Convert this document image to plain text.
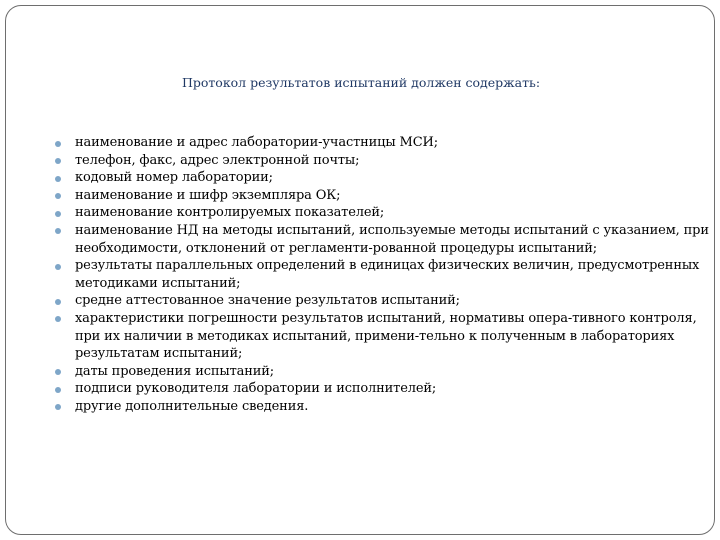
Протокол результатов испытаний должен содержать:
наименование и адрес лаборатории-участницы МСИ;
телефон, факс, адрес электронной почты;
кодовый номер лаборатории;
наименование и шифр экземпляра ОК;
наименование контролируемых показателей;
наименование НД на методы испытаний, используемые методы испытаний с указанием, при необходимости, отклонений от регламенти-рованной процедуры испытаний;
результаты параллельных определений в единицах физических величин, предусмотренных методиками испытаний;
средне аттестованное значение результатов испытаний;
характеристики погрешности результатов испытаний, нормативы опера-тивного контроля, при их наличии в методиках испытаний, примени-тельно к полученным в лабораториях результатам испытаний;
даты проведения испытаний;
подписи руководителя лаборатории и исполнителей;
другие дополнительные сведения.
